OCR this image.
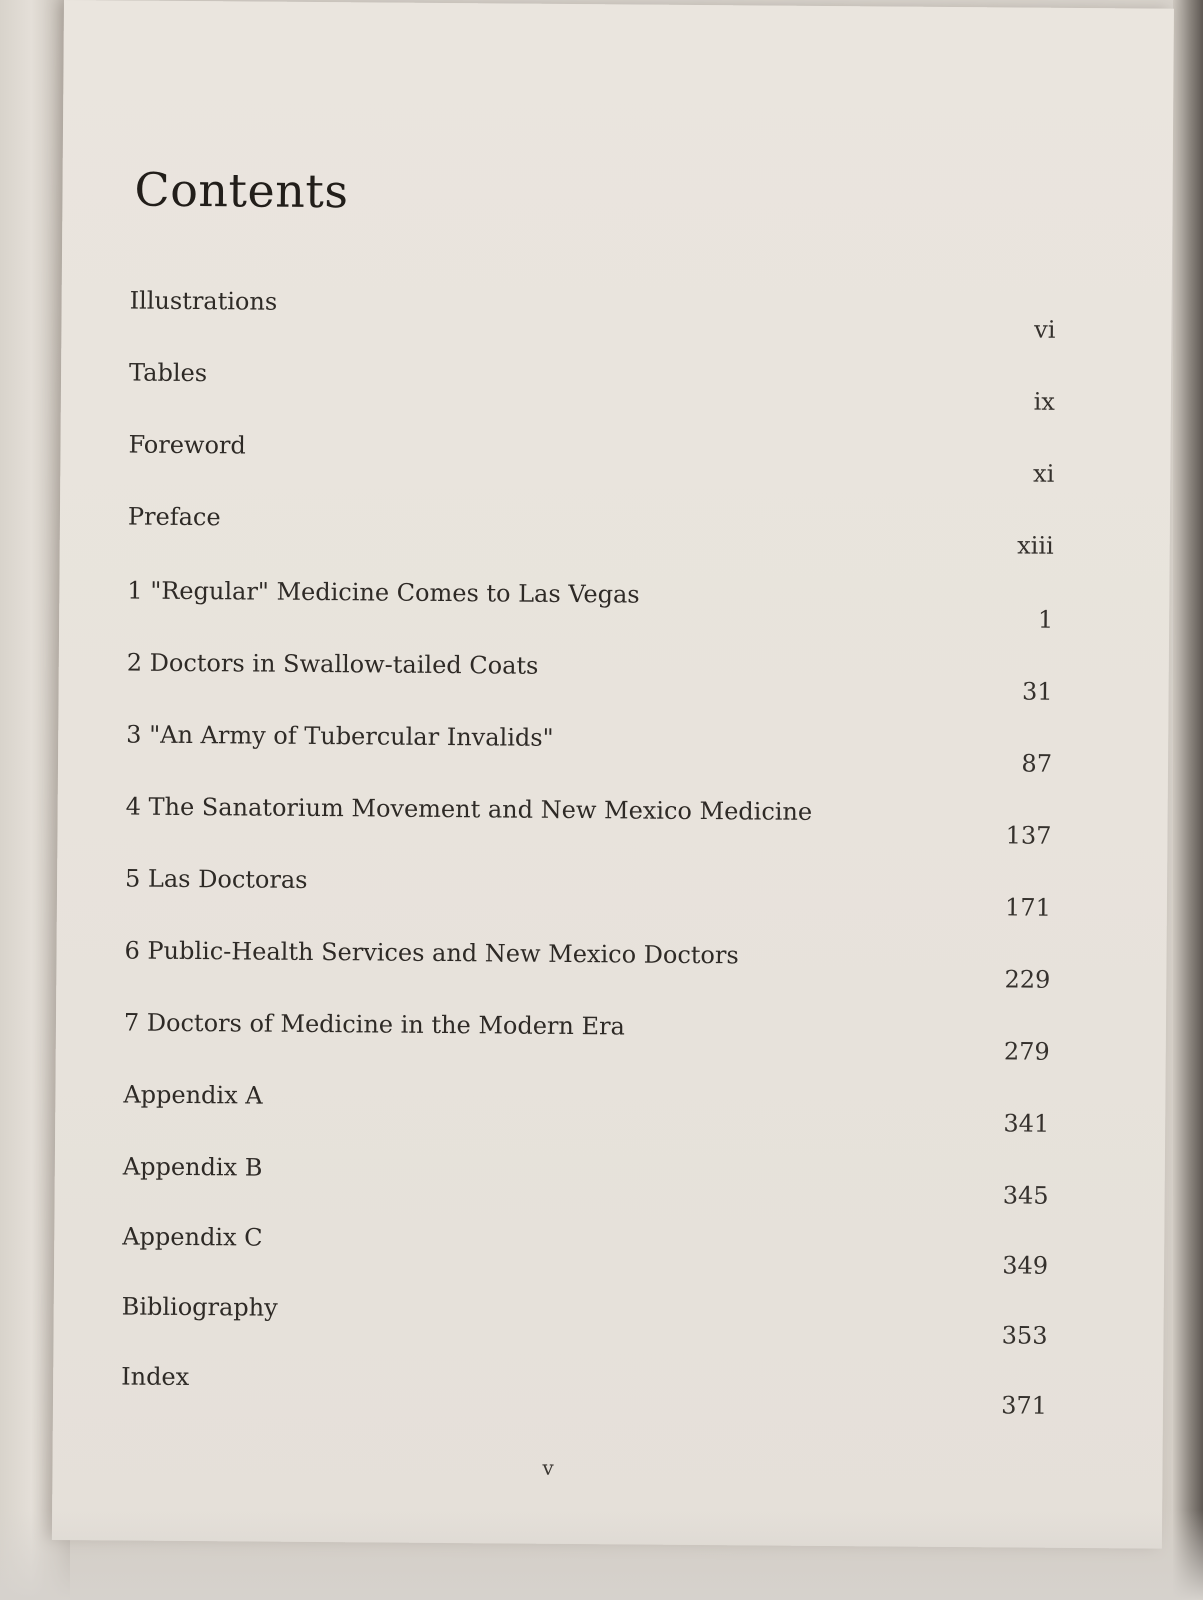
Contents
Illustrations
vi
Tables
ix
Foreword
xi
Preface
xiii
1 "Regular" Medicine Comes to Las Vegas
1
2 Doctors in Swallow-tailed Coats
31
3 "An Army of Tubercular Invalids"
87
4 The Sanatorium Movement and New Mexico Medicine
137
5 Las Doctoras
171
6 Public-Health Services and New Mexico Doctors
229
7 Doctors of Medicine in the Modern Era
279
Appendix A
341
Appendix B
345
Appendix C
349
Bibliography
353
Index
371
v
